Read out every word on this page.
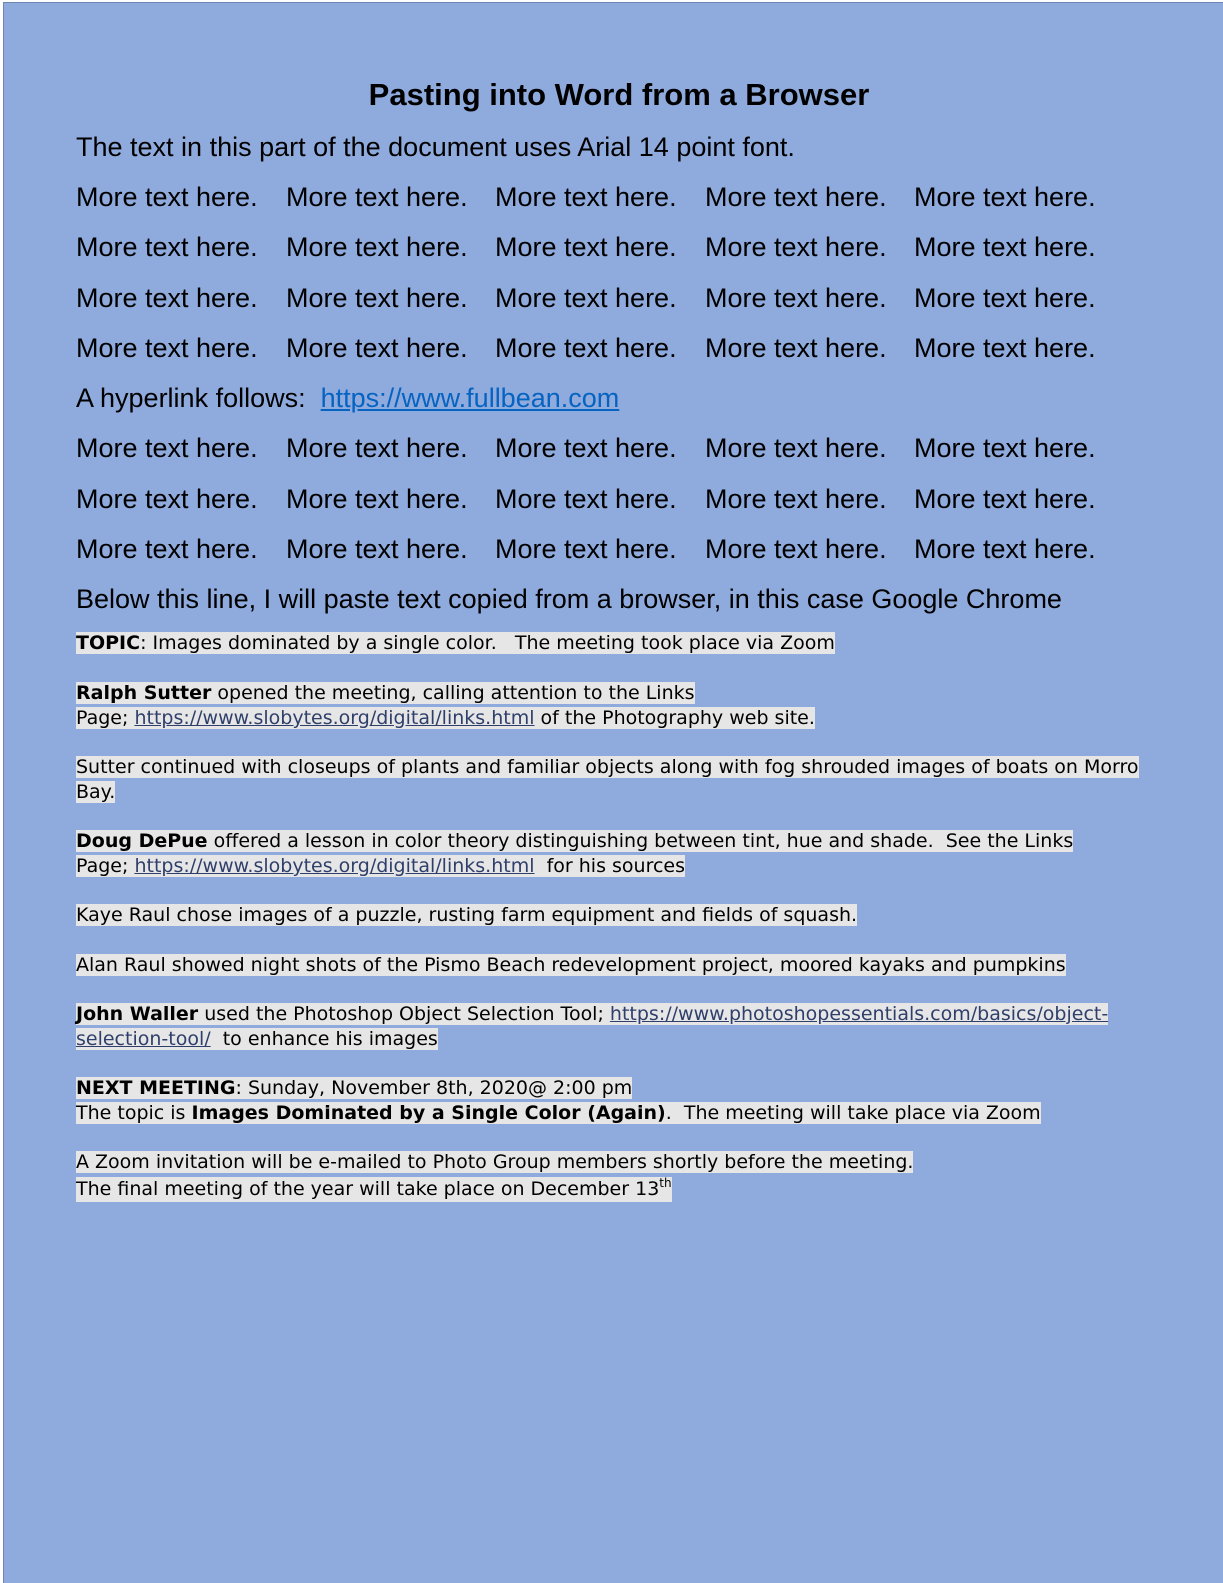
Pasting into Word from a Browser
The text in this part of the document uses Arial 14 point font.
More text here. More text here. More text here. More text here. More text here.
More text here. More text here. More text here. More text here. More text here.
More text here. More text here. More text here. More text here. More text here.
More text here. More text here. More text here. More text here. More text here.
A hyperlink follows: https://www.fullbean.com
More text here. More text here. More text here. More text here. More text here.
More text here. More text here. More text here. More text here. More text here.
More text here. More text here. More text here. More text here. More text here.
Below this line, I will paste text copied from a browser, in this case Google Chrome
TOPIC: Images dominated by a single color.   The meeting took place via Zoom
Ralph Sutter opened the meeting, calling attention to the Links
Page; https://www.slobytes.org/digital/links.html of the Photography web site.
Sutter continued with closeups of plants and familiar objects along with fog shrouded images of boats on Morro Bay.
Doug DePue offered a lesson in color theory distinguishing between tint, hue and shade.  See the Links
Page; https://www.slobytes.org/digital/links.html  for his sources
Kaye Raul chose images of a puzzle, rusting farm equipment and fields of squash.
Alan Raul showed night shots of the Pismo Beach redevelopment project, moored kayaks and pumpkins
John Waller used the Photoshop Object Selection Tool; https://www.photoshopessentials.com/basics/object-
selection-tool/  to enhance his images
NEXT MEETING: Sunday, November 8th, 2020@ 2:00 pm
The topic is Images Dominated by a Single Color (Again).  The meeting will take place via Zoom
A Zoom invitation will be e-mailed to Photo Group members shortly before the meeting.
The final meeting of the year will take place on December 13th
